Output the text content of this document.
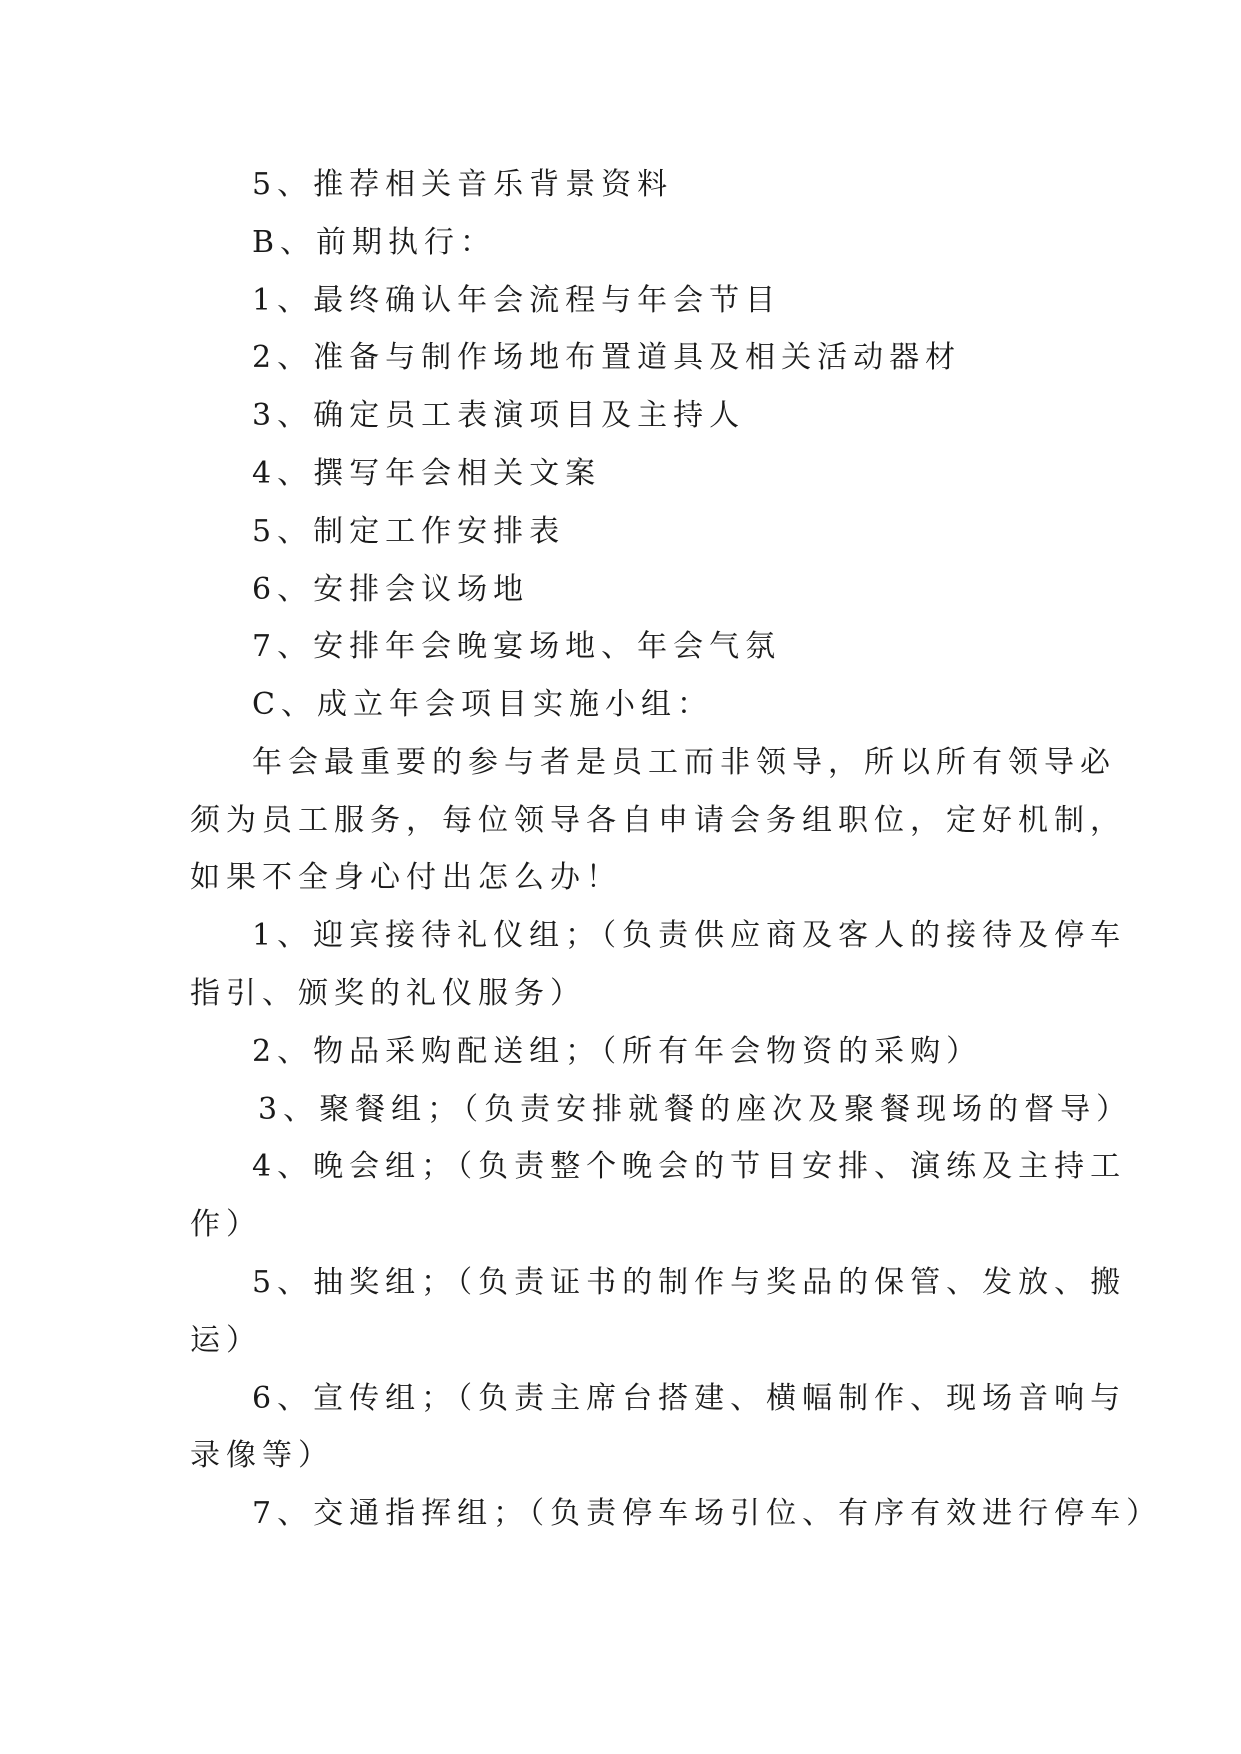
5、推荐相关音乐背景资料
B、前期执行：
1、最终确认年会流程与年会节目
2、准备与制作场地布置道具及相关活动器材
3、确定员工表演项目及主持人
4、撰写年会相关文案
5、制定工作安排表
6、安排会议场地
7、安排年会晚宴场地、年会气氛
C、成立年会项目实施小组：
年会最重要的参与者是员工而非领导，所以所有领导必
须为员工服务，每位领导各自申请会务组职位，定好机制，
如果不全身心付出怎么办！
1、迎宾接待礼仪组；（负责供应商及客人的接待及停车
指引、颁奖的礼仪服务）
2、物品采购配送组；（所有年会物资的采购）
3、聚餐组；（负责安排就餐的座次及聚餐现场的督导）
4、晚会组；（负责整个晚会的节目安排、演练及主持工
作）
5、抽奖组；（负责证书的制作与奖品的保管、发放、搬
运）
6、宣传组；（负责主席台搭建、横幅制作、现场音响与
录像等）
7、交通指挥组；（负责停车场引位、有序有效进行停车）
